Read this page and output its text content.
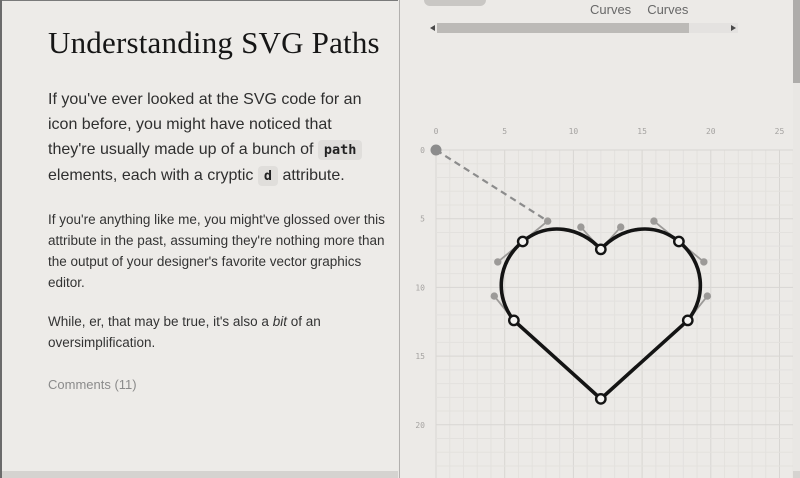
Understanding SVG Paths

If you've ever looked at the SVG code for an icon before, you might have noticed that they're usually made up of a bunch of path elements, each with a cryptic d attribute.

If you're anything like me, you might've glossed over this attribute in the past, assuming they're nothing more than the output of your designer's favorite vector graphics editor.

While, er, that may be true, it's also a bit of an oversimplification.

Comments (11)
0	5	10	15	20	25
0
5
10
15
20
Curves Curves
